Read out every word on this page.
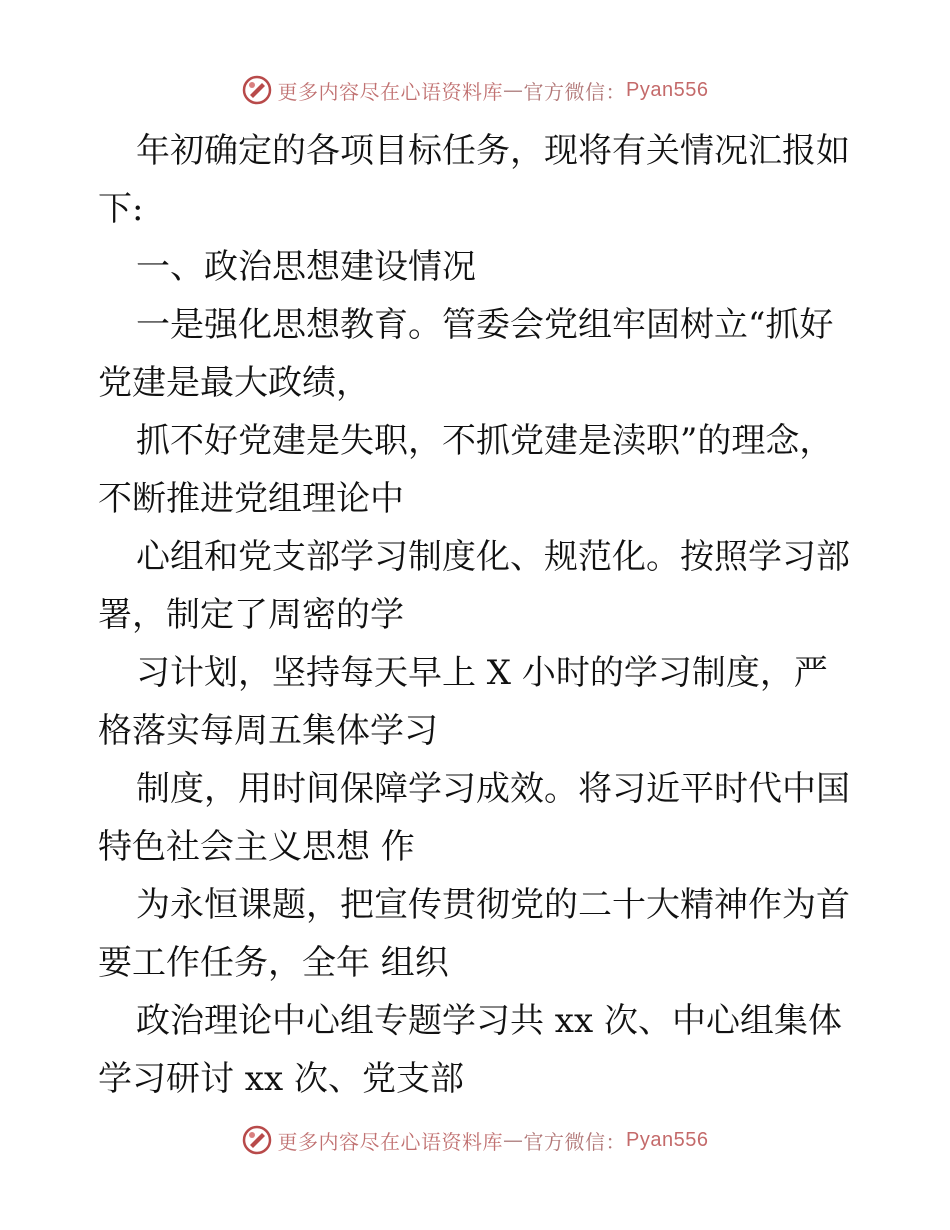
更多内容尽在心语资料库 — 官方微信： Pyan556

年初确定的各项目标任务，现将有关情况汇报如下:

一、政治思想建设情况

一是强化思想教育。管委会党组牢固树立“抓好党建是最大政绩，

抓不好党建是失职，不抓党建是渎职”的理念，不断推进党组理论中

心组和党支部学习制度化、规范化。按照学习部署，制定了周密的学

习计划，坚持每天早上 X 小时的学习制度，严格落实每周五集体学习

制度，用时间保障学习成效。将习近平时代中国特色社会主义思想 作

为永恒课题，把宣传贯彻党的二十大精神作为首要工作任务，全年 组织

政治理论中心组专题学习共 xx 次、中心组集体学习研讨 xx 次、党支部

更多内容尽在心语资料库 — 官方微信： Pyan556
